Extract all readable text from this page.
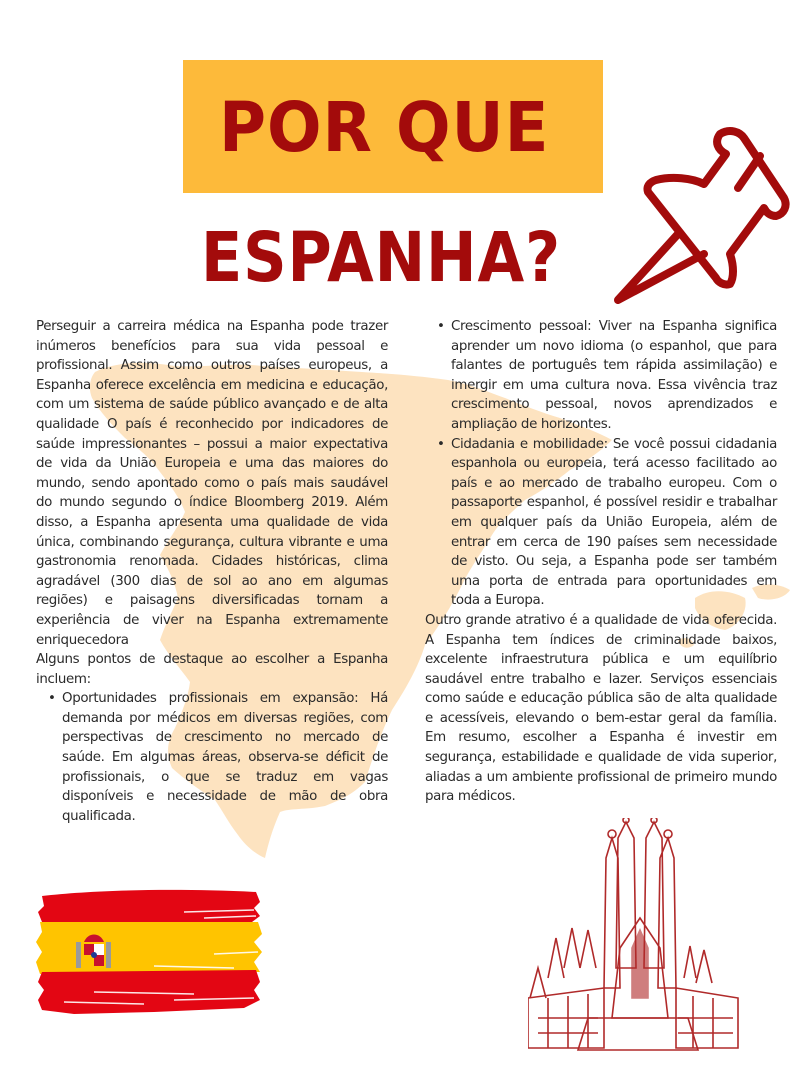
POR QUE
ESPANHA?

Perseguir a carreira médica na Espanha pode trazer inúmeros benefícios para sua vida pessoal e profissional. Assim como outros países europeus, a Espanha oferece excelência em medicina e educação, com um sistema de saúde público avançado e de alta qualidade O país é reconhecido por indicadores de saúde impressionantes – possui a maior expectativa de vida da União Europeia e uma das maiores do mundo, sendo apontado como o país mais saudável do mundo segundo o índice Bloomberg 2019. Além disso, a Espanha apresenta uma qualidade de vida única, combinando segurança, cultura vibrante e uma gastronomia renomada. Cidades históricas, clima agradável (300 dias de sol ao ano em algumas regiões) e paisagens diversificadas tornam a experiência de viver na Espanha extremamente enriquecedora

Alguns pontos de destaque ao escolher a Espanha incluem:

• Oportunidades profissionais em expansão: Há demanda por médicos em diversas regiões, com perspectivas de crescimento no mercado de saúde. Em algumas áreas, observa-se déficit de profissionais, o que se traduz em vagas disponíveis e necessidade de mão de obra qualificada.
• Crescimento pessoal: Viver na Espanha significa aprender um novo idioma (o espanhol, que para falantes de português tem rápida assimilação) e imergir em uma cultura nova. Essa vivência traz crescimento pessoal, novos aprendizados e ampliação de horizontes.
• Cidadania e mobilidade: Se você possui cidadania espanhola ou europeia, terá acesso facilitado ao país e ao mercado de trabalho europeu. Com o passaporte espanhol, é possível residir e trabalhar em qualquer país da União Europeia, além de entrar em cerca de 190 países sem necessidade de visto. Ou seja, a Espanha pode ser também uma porta de entrada para oportunidades em toda a Europa.

Outro grande atrativo é a qualidade de vida oferecida. A Espanha tem índices de criminalidade baixos, excelente infraestrutura pública e um equilíbrio saudável entre trabalho e lazer. Serviços essenciais como saúde e educação pública são de alta qualidade e acessíveis, elevando o bem-estar geral da família. Em resumo, escolher a Espanha é investir em segurança, estabilidade e qualidade de vida superior, aliadas a um ambiente profissional de primeiro mundo para médicos.
